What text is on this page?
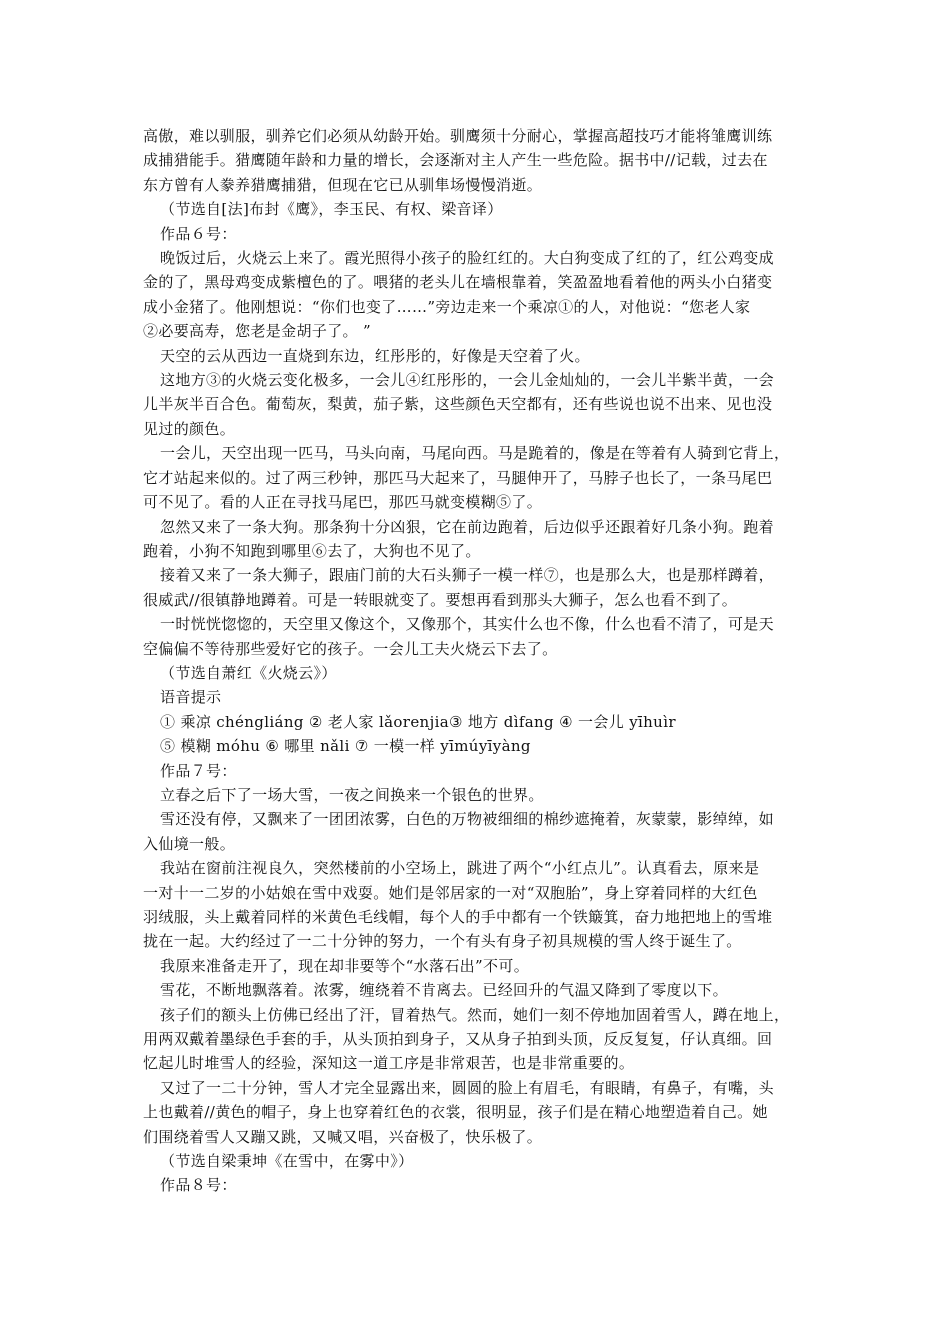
高傲，难以驯服，驯养它们必须从幼龄开始。驯鹰须十分耐心，掌握高超技巧才能将雏鹰训练
成捕猎能手。猎鹰随年龄和力量的增长，会逐渐对主人产生一些危险。据书中//记载，过去在
东方曾有人豢养猎鹰捕猎，但现在它已从驯隼场慢慢消逝。
（节选自[法]布封《鹰》，李玉民、有权、梁音译）
作品６号：
晚饭过后，火烧云上来了。霞光照得小孩子的脸红红的。大白狗变成了红的了，红公鸡变成
金的了，黑母鸡变成紫檀色的了。喂猪的老头儿在墙根靠着，笑盈盈地看着他的两头小白猪变
成小金猪了。他刚想说：“你们也变了……”旁边走来一个乘凉①的人，对他说：“您老人家
②必要高寿，您老是金胡子了。 ”
天空的云从西边一直烧到东边，红彤彤的，好像是天空着了火。
这地方③的火烧云变化极多，一会儿④红彤彤的，一会儿金灿灿的，一会儿半紫半黄，一会
儿半灰半百合色。葡萄灰，梨黄，茄子紫，这些颜色天空都有，还有些说也说不出来、见也没
见过的颜色。
一会儿，天空出现一匹马，马头向南，马尾向西。马是跪着的，像是在等着有人骑到它背上，
它才站起来似的。过了两三秒钟，那匹马大起来了，马腿伸开了，马脖子也长了，一条马尾巴
可不见了。看的人正在寻找马尾巴，那匹马就变模糊⑤了。
忽然又来了一条大狗。那条狗十分凶狠，它在前边跑着，后边似乎还跟着好几条小狗。跑着
跑着，小狗不知跑到哪里⑥去了，大狗也不见了。
接着又来了一条大狮子，跟庙门前的大石头狮子一模一样⑦，也是那么大，也是那样蹲着，
很威武//很镇静地蹲着。可是一转眼就变了。要想再看到那头大狮子，怎么也看不到了。
一时恍恍惚惚的，天空里又像这个，又像那个，其实什么也不像，什么也看不清了，可是天
空偏偏不等待那些爱好它的孩子。一会儿工夫火烧云下去了。
（节选自萧红《火烧云》）
语音提示
① 乘凉 chéngliáng ② 老人家 lǎorenjia③ 地方 dìfang ④ 一会儿 yīhuìr
⑤ 模糊 móhu ⑥ 哪里 nǎli ⑦ 一模一样 yīmúyīyàng
作品７号：
立春之后下了一场大雪，一夜之间换来一个银色的世界。
雪还没有停，又飘来了一团团浓雾，白色的万物被细细的棉纱遮掩着，灰蒙蒙，影绰绰，如
入仙境一般。
我站在窗前注视良久，突然楼前的小空场上，跳进了两个“小红点儿”。认真看去，原来是
一对十一二岁的小姑娘在雪中戏耍。她们是邻居家的一对“双胞胎”，身上穿着同样的大红色
羽绒服，头上戴着同样的米黄色毛线帽，每个人的手中都有一个铁簸箕，奋力地把地上的雪堆
拢在一起。大约经过了一二十分钟的努力，一个有头有身子初具规模的雪人终于诞生了。
我原来准备走开了，现在却非要等个“水落石出”不可。
雪花，不断地飘落着。浓雾，缠绕着不肯离去。已经回升的气温又降到了零度以下。
孩子们的额头上仿佛已经出了汗，冒着热气。然而，她们一刻不停地加固着雪人，蹲在地上，
用两双戴着墨绿色手套的手，从头顶拍到身子，又从身子拍到头顶，反反复复，仔认真细。回
忆起儿时堆雪人的经验，深知这一道工序是非常艰苦，也是非常重要的。
又过了一二十分钟，雪人才完全显露出来，圆圆的脸上有眉毛，有眼睛，有鼻子，有嘴，头
上也戴着//黄色的帽子，身上也穿着红色的衣裳，很明显，孩子们是在精心地塑造着自己。她
们围绕着雪人又蹦又跳，又喊又唱，兴奋极了，快乐极了。
（节选自梁秉坤《在雪中，在雾中》）
作品８号：
